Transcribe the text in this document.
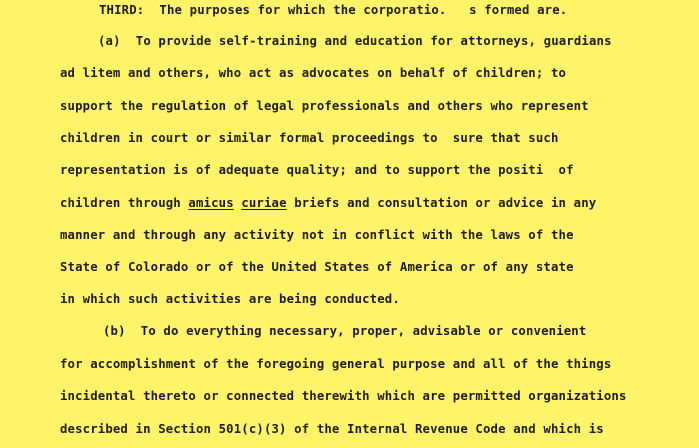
THIRD:  The purposes for which the corporatio.   s formed are.

(a)  To provide self-training and education for attorneys, guardians

ad litem and others, who act as advocates on behalf of children; to

support the regulation of legal professionals and others who represent

children in court or similar formal proceedings to  sure that such

representation is of adequate quality; and to support the positi  of

children through amicus curiae briefs and consultation or advice in any

manner and through any activity not in conflict with the laws of the

State of Colorado or of the United States of America or of any state

in which such activities are being conducted.

(b)  To do everything necessary, proper, advisable or convenient

for accomplishment of the foregoing general purpose and all of the things

incidental thereto or connected therewith which are permitted organizations

described in Section 501(c)(3) of the Internal Revenue Code and which is
